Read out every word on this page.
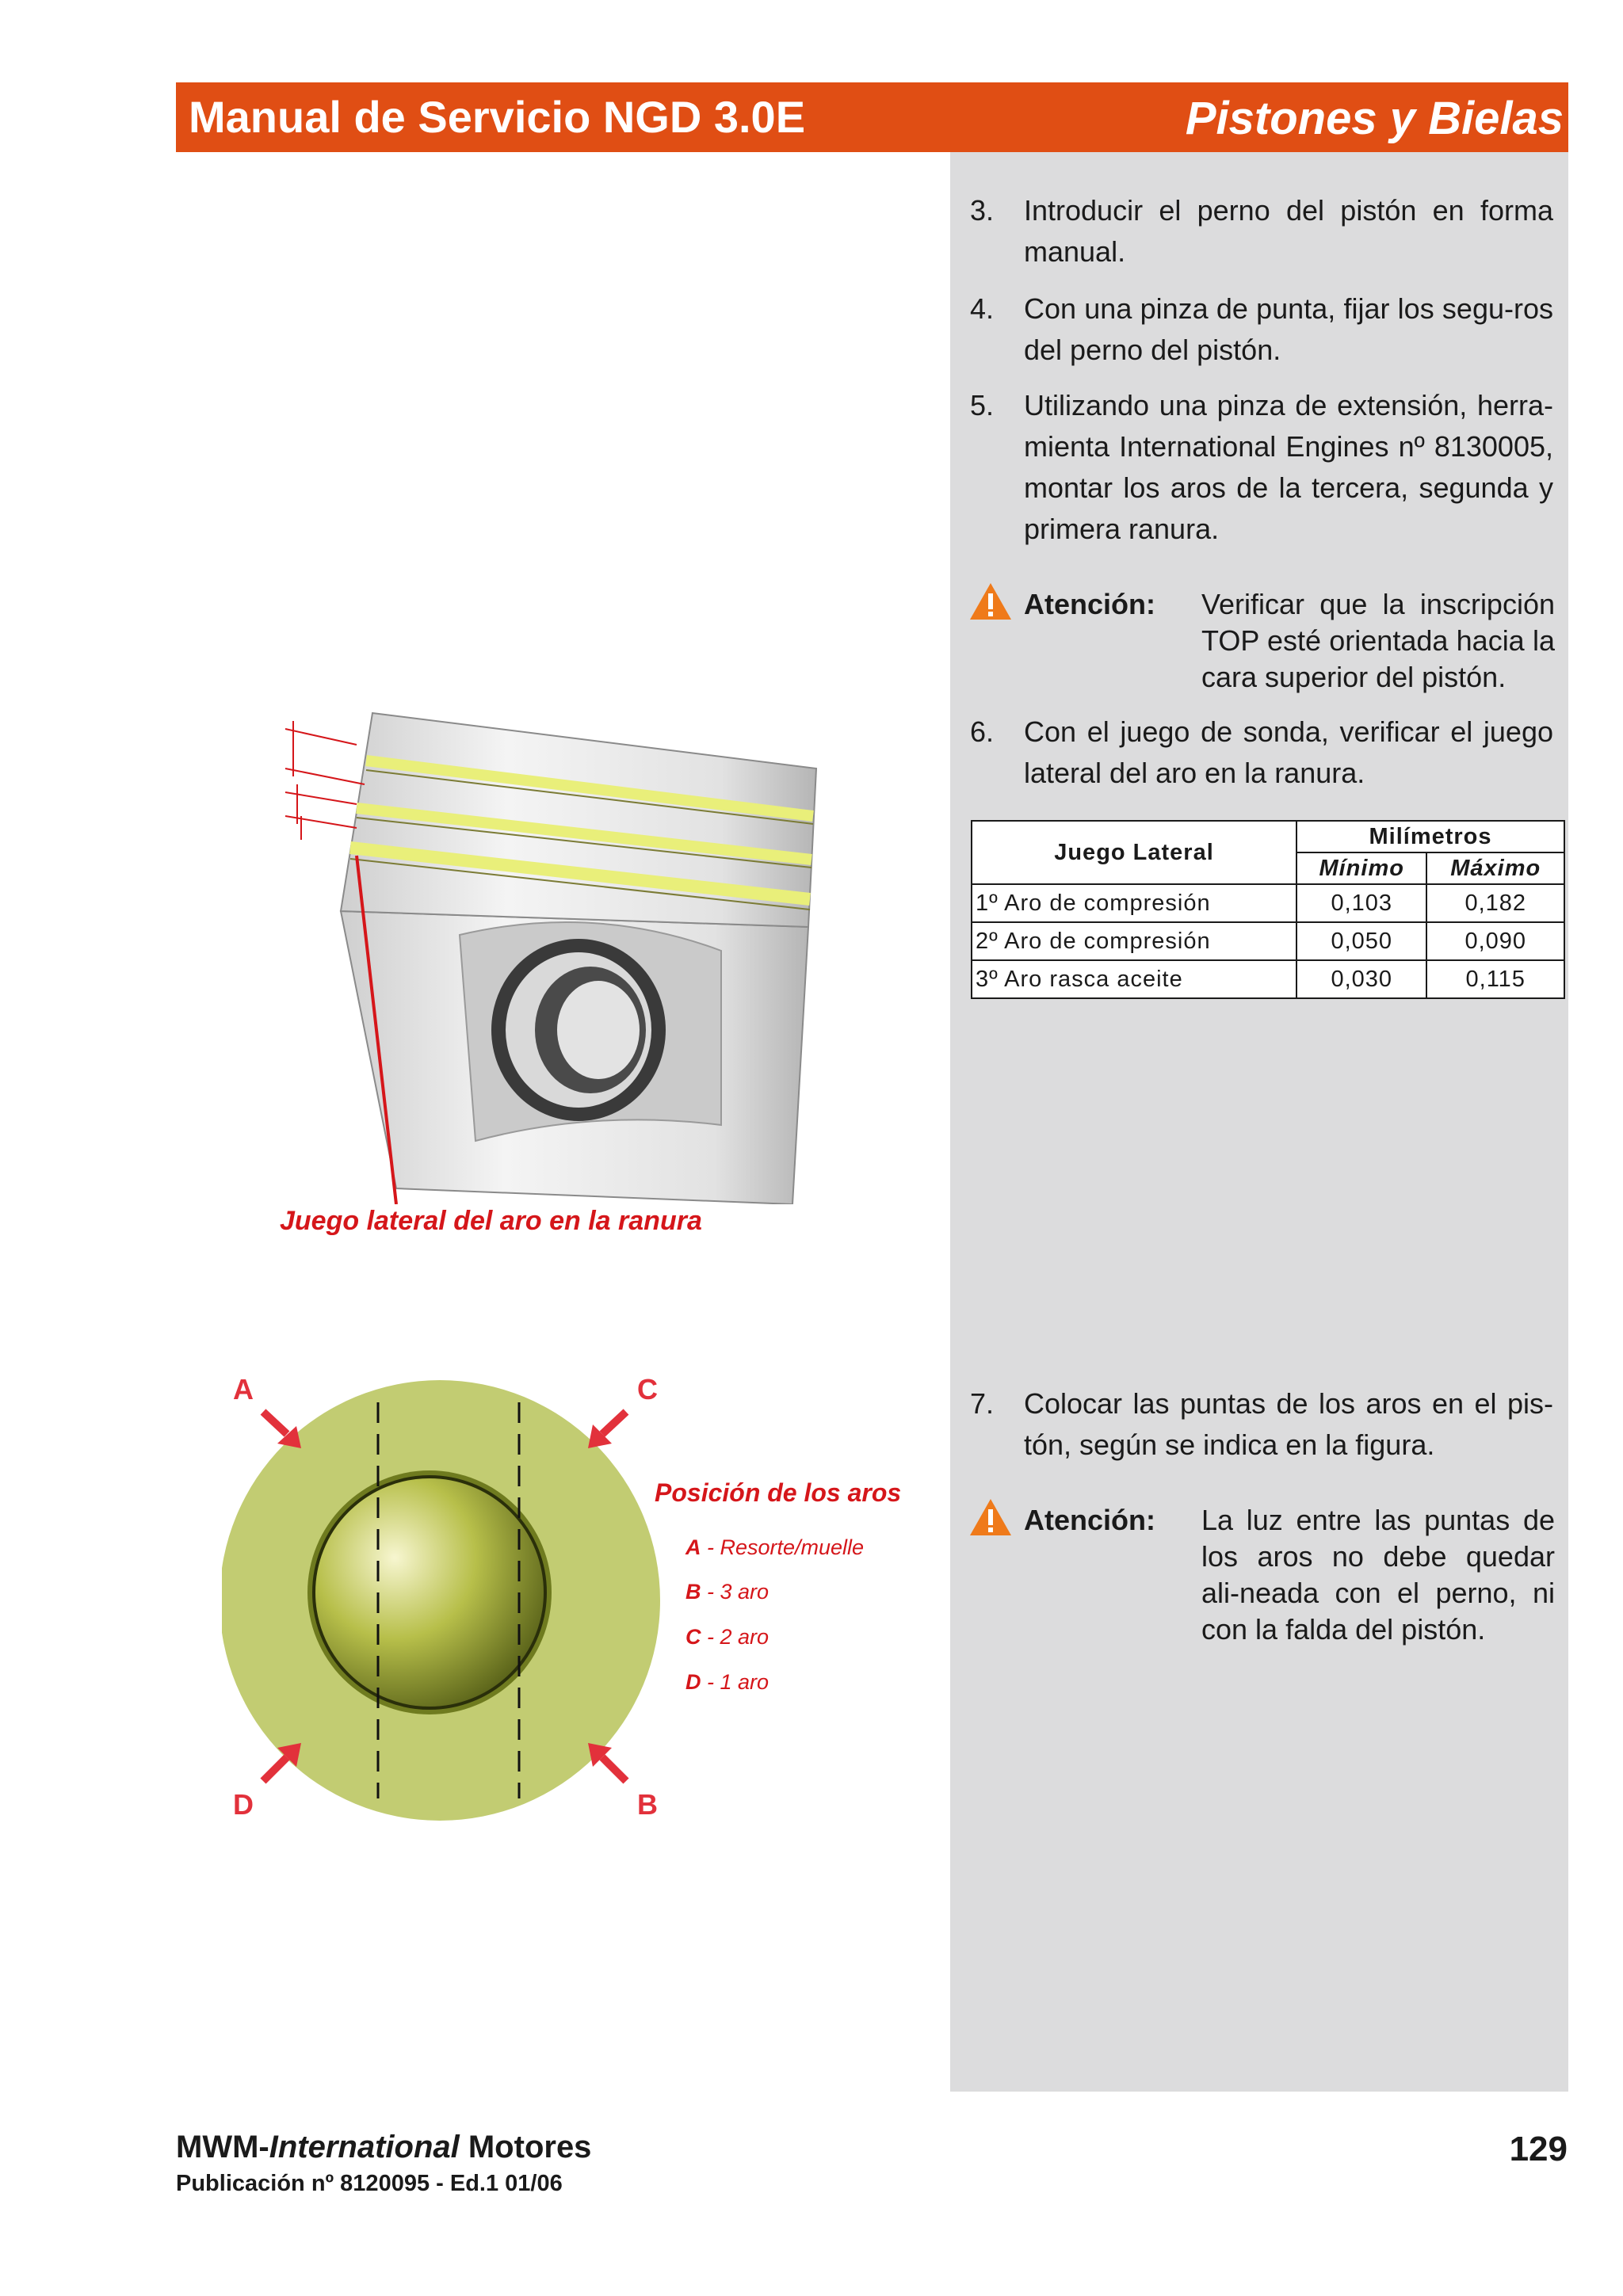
Manual de Servicio NGD 3.0E	Pistones y Bielas
3. Introducir el perno del pistón en forma manual.
4. Con una pinza de punta, fijar los segu-ros del perno del pistón.
5. Utilizando una pinza de extensión, herra-mienta International Engines nº 8130005, montar los aros de la tercera, segunda y primera ranura.
Atención: Verificar que la inscripción TOP esté orientada hacia la cara superior del pistón.
6. Con el juego de sonda, verificar el juego lateral del aro en la ranura.
Juego Lateral	Milímetros	
	Mínimo	Máximo
1º Aro de compresión	0,103	0,182
2º Aro de compresión	0,050	0,090
3º Aro rasca aceite	0,030	0,115
Juego lateral del aro en la ranura
A	C
D	B
Posición de los aros
A - Resorte/muelle
B - 3 aro
C - 2 aro
D - 1 aro
7. Colocar las puntas de los aros en el pis-tón, según se indica en la figura.
Atención: La luz entre las puntas de los aros no debe quedar ali-neada con el perno, ni con la falda del pistón.
MWM-International Motores
Publicación nº 8120095 - Ed.1 01/06
129
